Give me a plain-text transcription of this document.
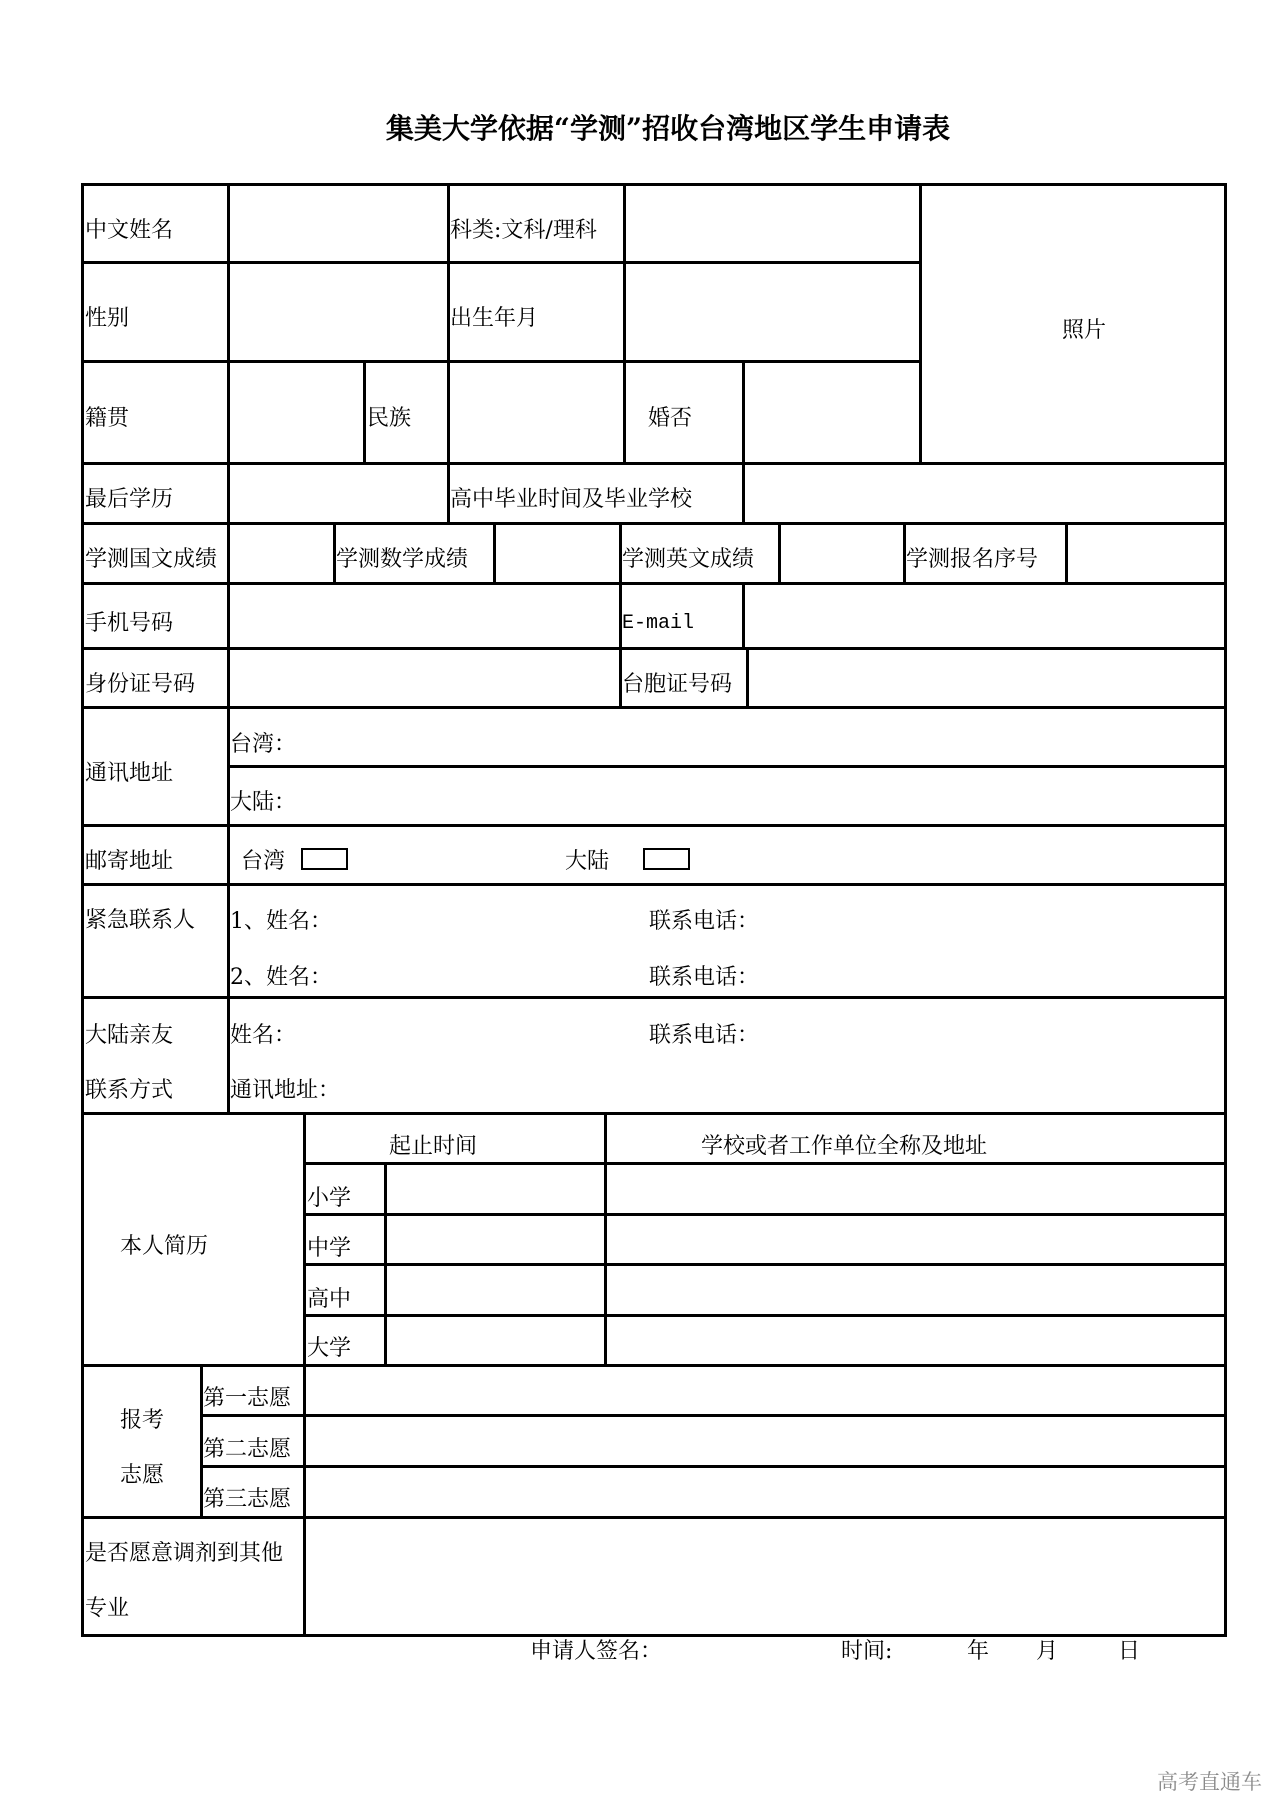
集美大学依据“学测”招收台湾地区学生申请表
中文姓名	科类:文科/理科
照片
性别	出生年月
籍贯	民族	婚否
最后学历	高中毕业时间及毕业学校
学测国文成绩	学测数学成绩	学测英文成绩	学测报名序号
手机号码	E-mail
身份证号码	台胞证号码
通讯地址
台湾：
大陆：
邮寄地址	台湾	大陆
紧急联系人 1、姓名：	联系电话：
2、姓名：	联系电话：
大陆亲友
联系方式
姓名：	联系电话：
通讯地址：
本人简历
起止时间	学校或者工作单位全称及地址
小学
中学
高中
大学
报考
志愿
第一志愿
第二志愿
第三志愿
是否愿意调剂到其他
专业
申请人签名：	时间:	年 月	日
高考直通车
